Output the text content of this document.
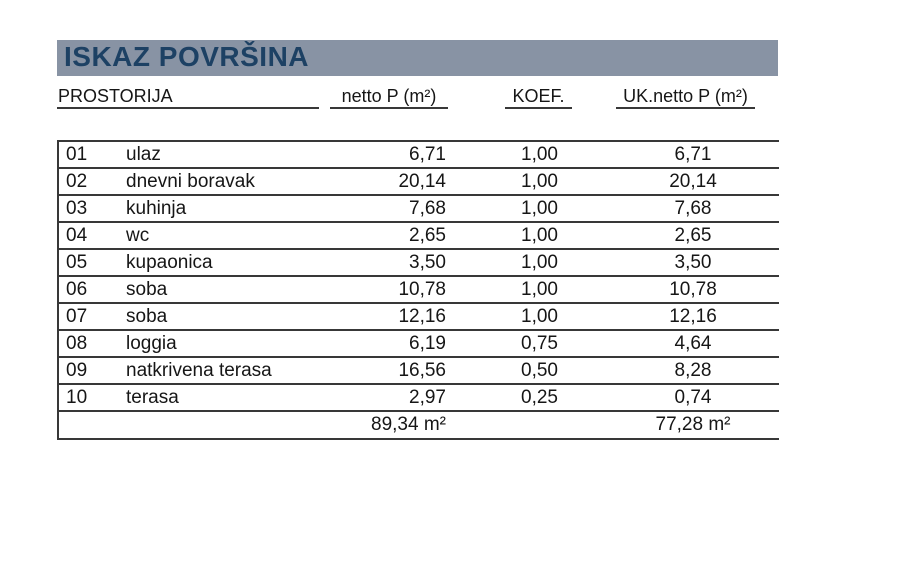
ISKAZ POVRŠINA
PROSTORIJA	netto P (m²)	KOEF.	UK.netto P (m²)
01	ulaz	6,71	1,00	6,71
02	dnevni boravak	20,14	1,00	20,14
03	kuhinja	7,68	1,00	7,68
04	wc	2,65	1,00	2,65
05	kupaonica	3,50	1,00	3,50
06	soba	10,78	1,00	10,78
07	soba	12,16	1,00	12,16
08	loggia	6,19	0,75	4,64
09	natkrivena terasa	16,56	0,50	8,28
10	terasa	2,97	0,25	0,74
		89,34 m²		77,28 m²
